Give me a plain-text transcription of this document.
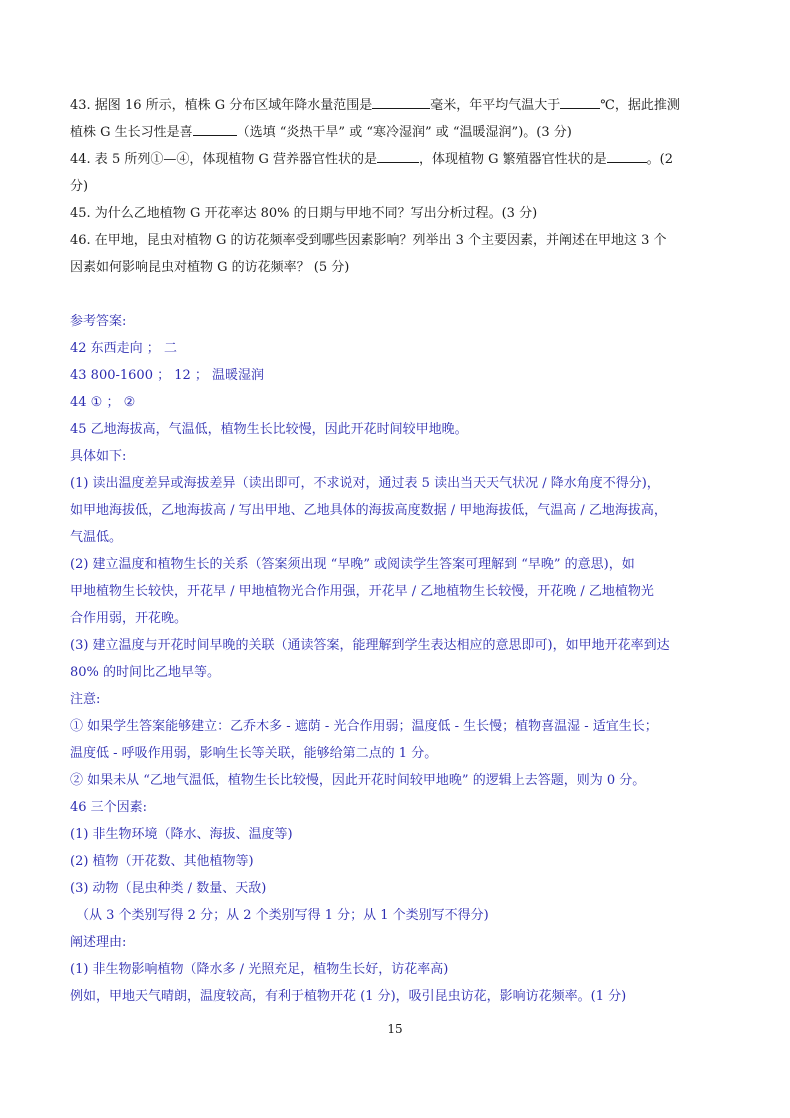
43. 据图 16 所示，植株 G 分布区域年降水量范围是	毫米，年平均气温大于	℃，据此推测

植株 G 生长习性是喜	（选填 “炎热干旱” 或 “寒冷湿润” 或 “温暖湿润”)。(3 分)

44. 表 5 所列①—④，体现植物 G 营养器官性状的是	，体现植物 G 繁殖器官性状的是	。(2

分)

45. 为什么乙地植物 G 开花率达 80% 的日期与甲地不同？写出分析过程。(3 分)

46. 在甲地，昆虫对植物 G 的访花频率受到哪些因素影响？列举出 3 个主要因素，并阐述在甲地这 3 个

因素如何影响昆虫对植物 G 的访花频率？ (5 分)

参考答案:

42 东西走向 ； 二

43 800-1600 ； 12 ； 温暖湿润

44 ① ； ②

45 乙地海拔高，气温低，植物生长比较慢，因此开花时间较甲地晚。

具体如下:

(1) 读出温度差异或海拔差异（读出即可，不求说对，通过表 5 读出当天天气状况 / 降水角度不得分)，

如甲地海拔低，乙地海拔高 / 写出甲地、乙地具体的海拔高度数据 / 甲地海拔低，气温高 / 乙地海拔高，

气温低。

(2) 建立温度和植物生长的关系（答案须出现 “早晚” 或阅读学生答案可理解到 “早晚” 的意思)，如

甲地植物生长较快，开花早 / 甲地植物光合作用强，开花早 / 乙地植物生长较慢，开花晚 / 乙地植物光

合作用弱，开花晚。

(3) 建立温度与开花时间早晚的关联（通读答案，能理解到学生表达相应的意思即可)，如甲地开花率到达

80% 的时间比乙地早等。

注意:

① 如果学生答案能够建立：乙乔木多 - 遮荫 - 光合作用弱；温度低 - 生长慢；植物喜温湿 - 适宜生长；

温度低 - 呼吸作用弱，影响生长等关联，能够给第二点的 1 分。

② 如果未从 “乙地气温低，植物生长比较慢，因此开花时间较甲地晚” 的逻辑上去答题，则为 0 分。

46 三个因素:

(1) 非生物环境（降水、海拔、温度等)

(2) 植物（开花数、其他植物等)

(3) 动物（昆虫种类 / 数量、天敌)

（从 3 个类别写得 2 分；从 2 个类别写得 1 分；从 1 个类别写不得分)

阐述理由:

(1) 非生物影响植物（降水多 / 光照充足，植物生长好，访花率高)

例如，甲地天气晴朗，温度较高，有利于植物开花 (1 分)，吸引昆虫访花，影响访花频率。(1 分)

15
